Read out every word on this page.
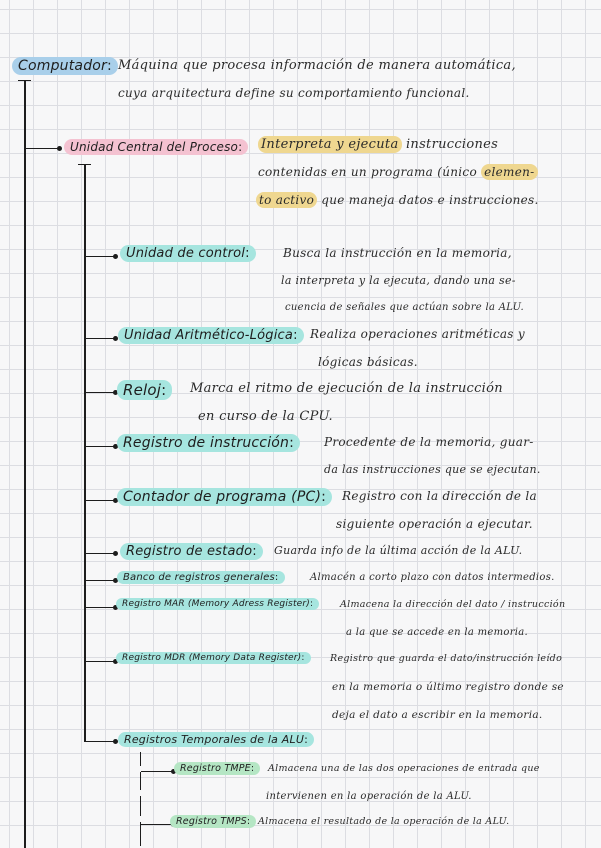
Computador: Máquina que procesa información de manera automática,
cuya arquitectura define su comportamiento funcional.
Unidad Central del Proceso:	Interpreta y ejecuta instrucciones
contenidas en un programa (único elemen-
to activo que maneja datos e instrucciones.
Unidad de control:	Busca la instrucción en la memoria,
la interpreta y la ejecuta, dando una se-
cuencia de señales que actúan sobre la ALU.
Unidad Aritmético-Lógica:	Realiza operaciones aritméticas y
lógicas básicas.
Reloj:	Marca el ritmo de ejecución de la instrucción
en curso de la CPU.
Registro de instrucción:	Procedente de la memoria, guar-
da las instrucciones que se ejecutan.
Contador de programa (PC):	Registro con la dirección de la
siguiente operación a ejecutar.
Registro de estado:	Guarda info de la última acción de la ALU.
Banco de registros generales:	Almacén a corto plazo con datos intermedios.
Registro MAR (Memory Adress Register):	Almacena la dirección del dato / instrucción
a la que se accede en la memoria.
Registro MDR (Memory Data Register):	Registro que guarda el dato/instrucción leído
en la memoria o último registro donde se
deja el dato a escribir en la memoria.
Registros Temporales de la ALU:
Registro TMPE:	Almacena una de las dos operaciones de entrada que
intervienen en la operación de la ALU.
Registro TMPS: Almacena el resultado de la operación de la ALU.
